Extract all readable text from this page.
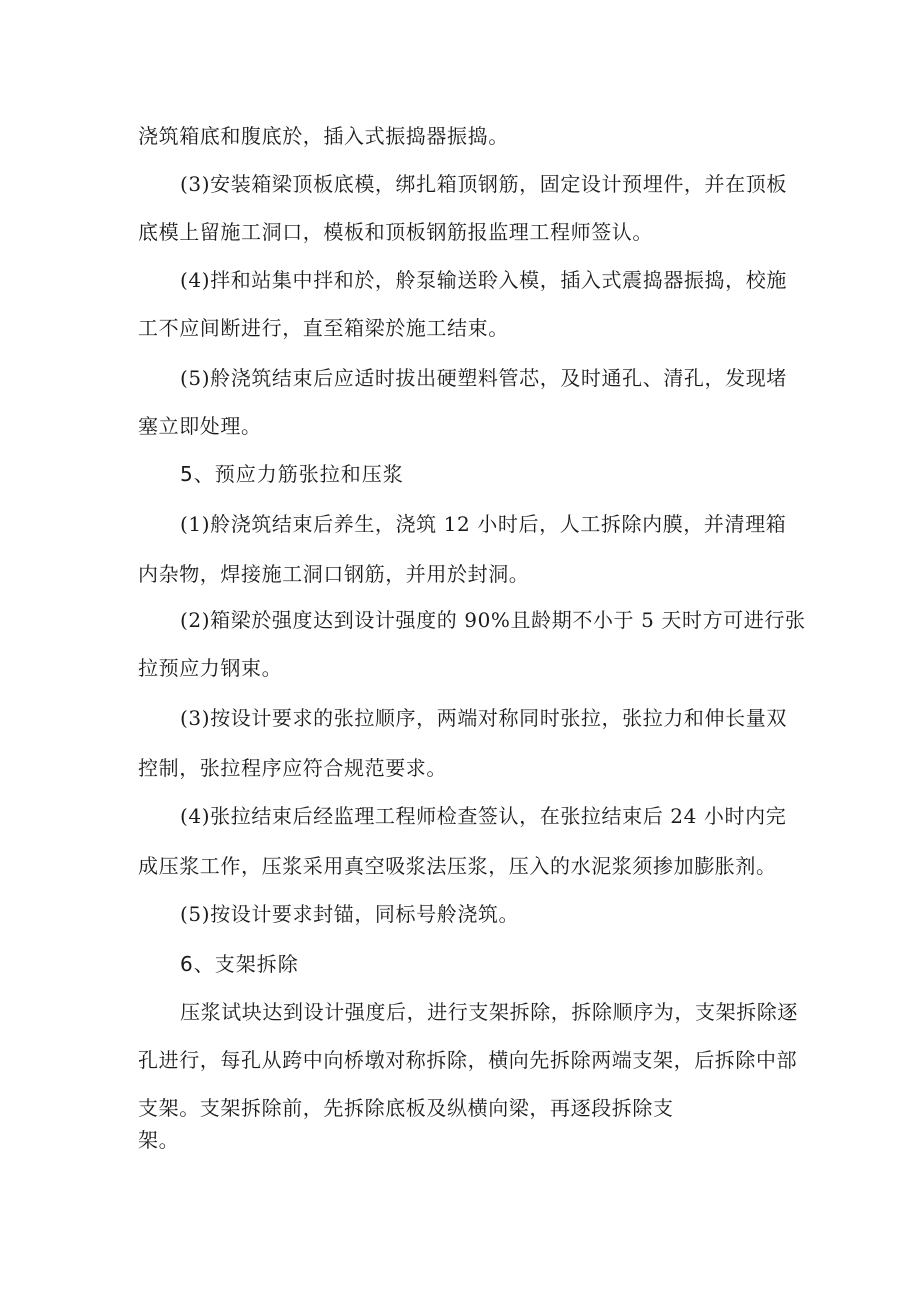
浇筑箱底和腹底於，插入式振捣器振捣。
(3)安装箱梁顶板底模，绑扎箱顶钢筋，固定设计预埋件，并在顶板
底模上留施工洞口，模板和顶板钢筋报监理工程师签认。
(4)拌和站集中拌和於，舲泵输送聆入模，插入式震捣器振捣，校施
工不应间断进行，直至箱梁於施工结束。
(5)舲浇筑结束后应适时拔出硬塑料管芯，及时通孔、清孔，发现堵
塞立即处理。
5、预应力筋张拉和压浆
(1)舲浇筑结束后养生，浇筑 12 小时后，人工拆除内膜，并清理箱
内杂物，焊接施工洞口钢筋，并用於封洞。
(2)箱梁於强度达到设计强度的 90%且龄期不小于 5 天时方可进行张
拉预应力钢束。
(3)按设计要求的张拉顺序，两端对称同时张拉，张拉力和伸长量双
控制，张拉程序应符合规范要求。
(4)张拉结束后经监理工程师检查签认，在张拉结束后 24 小时内完
成压浆工作，压浆采用真空吸浆法压浆，压入的水泥浆须掺加膨胀剂。
(5)按设计要求封锚，同标号舲浇筑。
6、支架拆除
压浆试块达到设计强度后，进行支架拆除，拆除顺序为，支架拆除逐
孔进行，每孔从跨中向桥墩对称拆除，横向先拆除两端支架，后拆除中部
支架。支架拆除前，先拆除底板及纵横向梁，再逐段拆除支
架。
